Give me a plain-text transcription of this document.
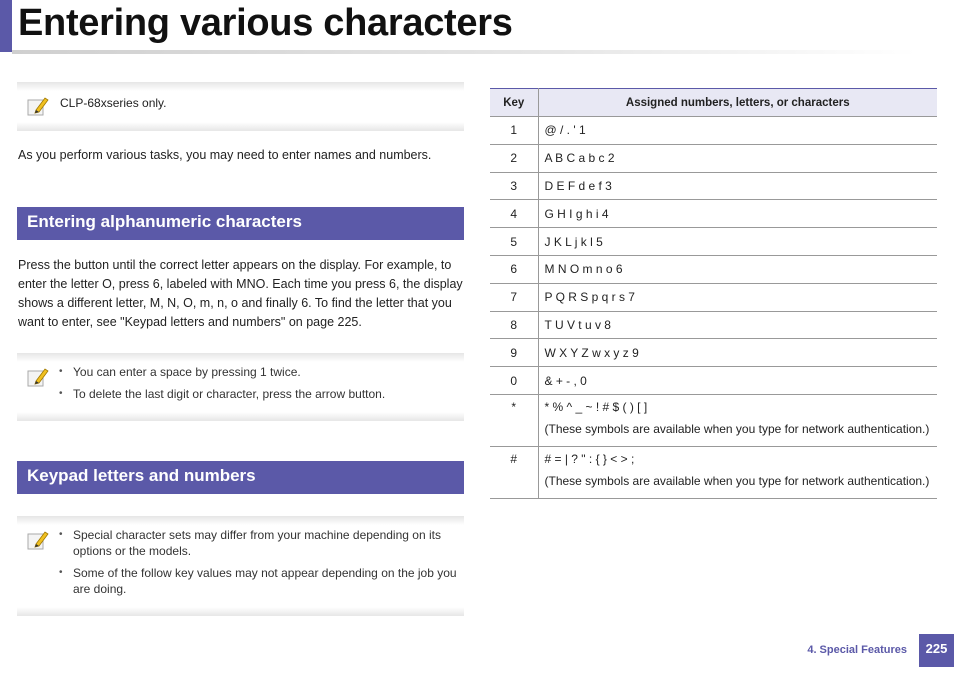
Entering various characters
CLP-68xseries only.

As you perform various tasks, you may need to enter names and numbers.

Entering alphanumeric characters

Press the button until the correct letter appears on the display. For example, to enter the letter O, press 6, labeled with MNO. Each time you press 6, the display shows a different letter, M, N, O, m, n, o and finally 6. To find the letter that you want to enter, see "Keypad letters and numbers" on page 225.

• You can enter a space by pressing 1 twice.
• To delete the last digit or character, press the arrow button.
Keypad letters and numbers
• Special character sets may differ from your machine depending on its options or the models.
• Some of the follow key values may not appear depending on the job you are doing.
Key	Assigned numbers, letters, or characters
1	@ / . ' 1
2	A B C a b c 2
3	D E F d e f 3
4	G H I g h i 4
5	J K L j k l 5
6	M N O m n o 6
7	P Q R S p q r s 7
8	T U V t u v 8
9	W X Y Z w x y z 9
0	& + - , 0
*	* % ^ _ ~ ! # $ ( ) [ ]
(These symbols are available when you type for network authentication.)

#	# = | ? " : { } < > ;
(These symbols are available when you type for network authentication.)
4. Special Features	225
